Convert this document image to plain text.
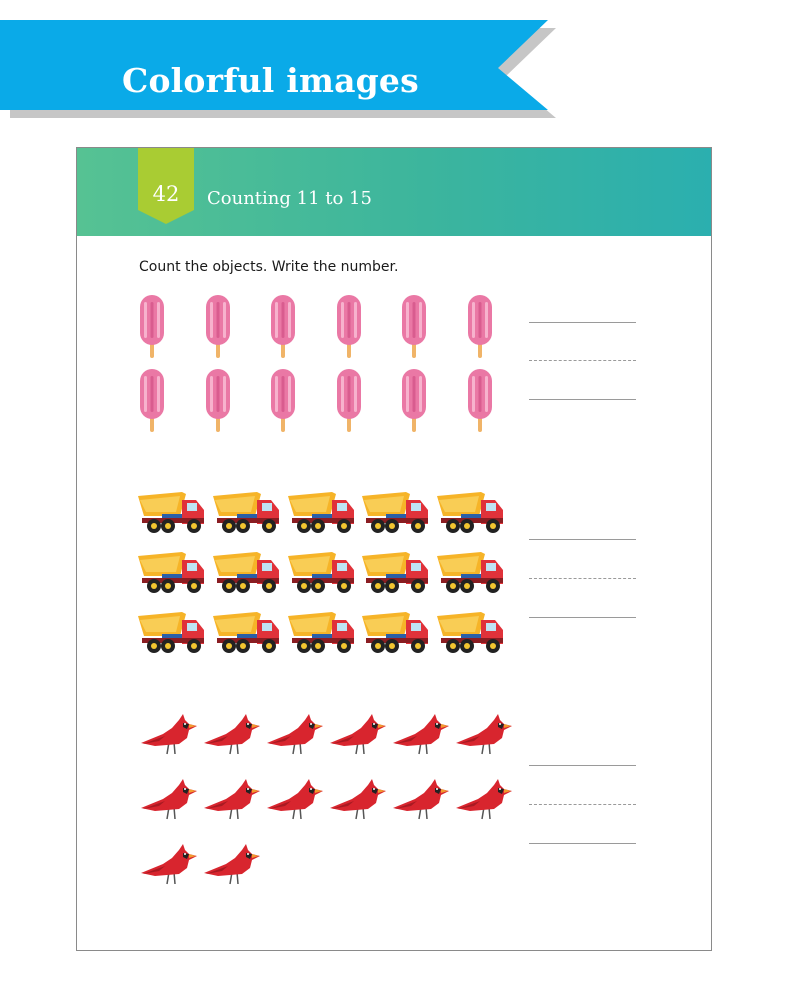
Colorful images
42	Counting 11 to 15
Count the objects. Write the number.
